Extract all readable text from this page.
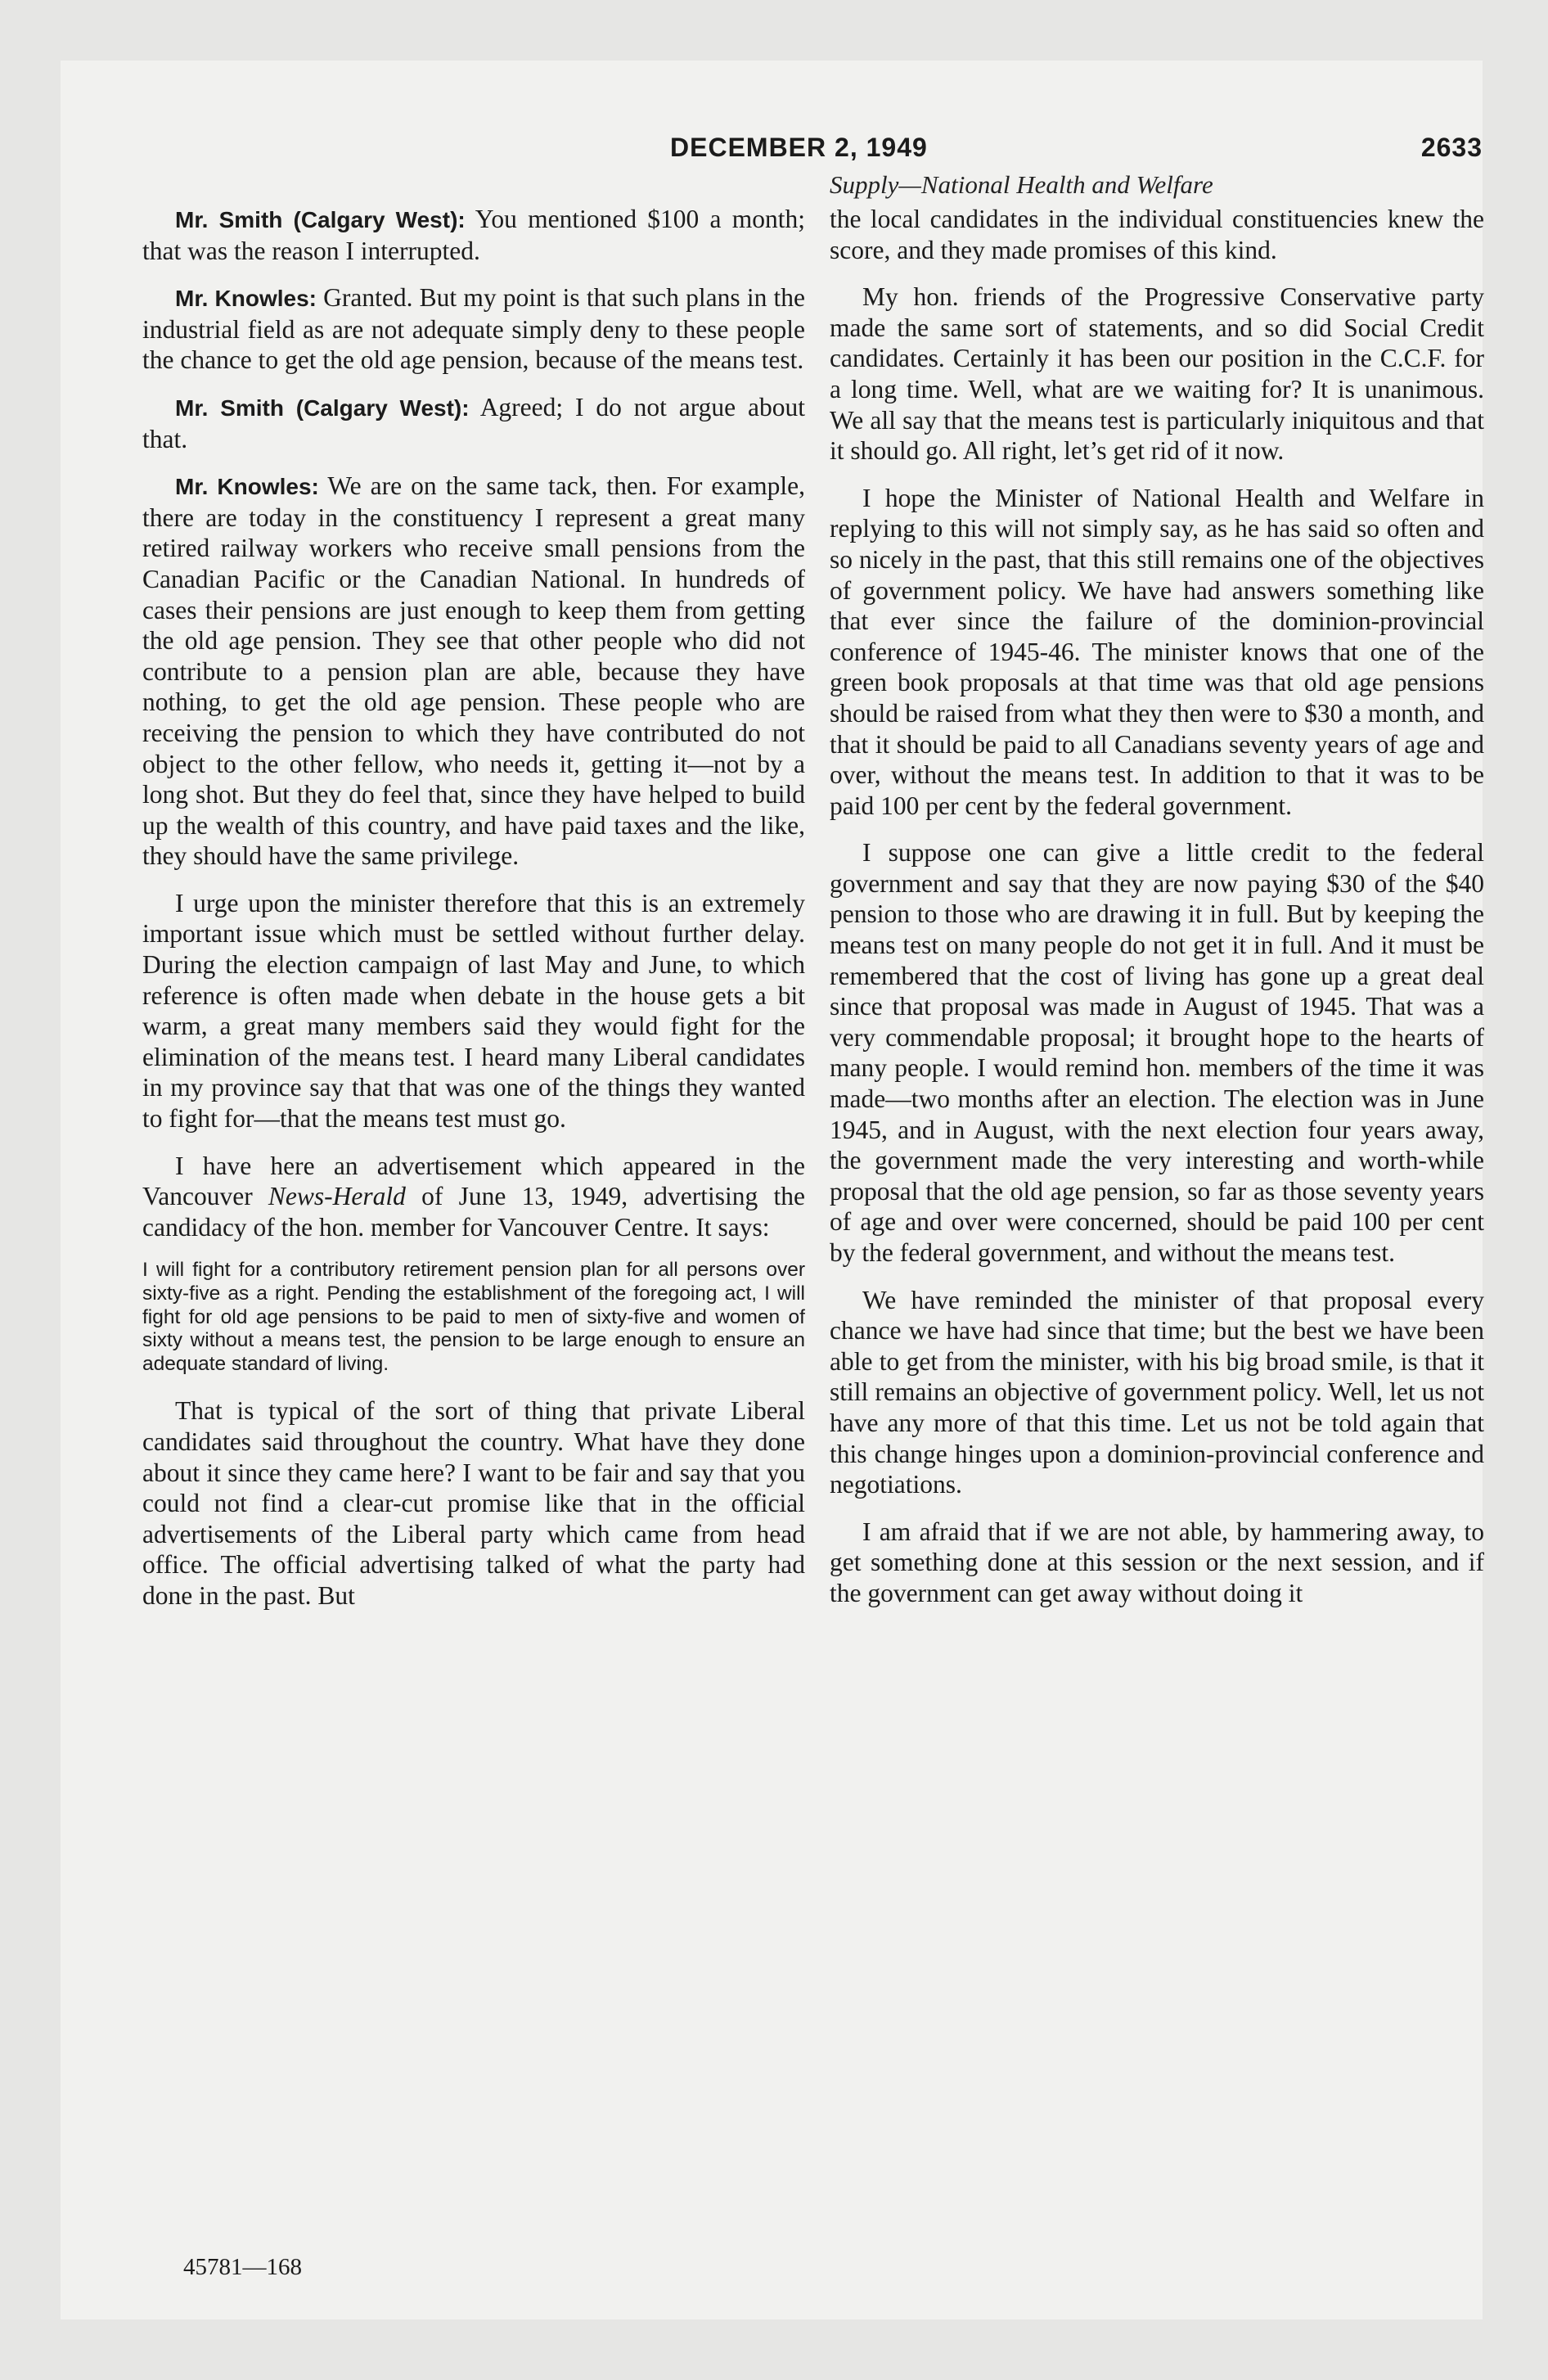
DECEMBER 2, 1949	2633
Supply—National Health and Welfare

Mr. Smith (Calgary West): You mentioned $100 a month; that was the reason I interrupted.

Mr. Knowles: Granted. But my point is that such plans in the industrial field as are not adequate simply deny to these people the chance to get the old age pension, because of the means test.

Mr. Smith (Calgary West): Agreed; I do not argue about that.

Mr. Knowles: We are on the same tack, then. For example, there are today in the constituency I represent a great many retired railway workers who receive small pensions from the Canadian Pacific or the Canadian National. In hundreds of cases their pensions are just enough to keep them from getting the old age pension. They see that other people who did not contribute to a pension plan are able, because they have nothing, to get the old age pension. These people who are receiving the pension to which they have contributed do not object to the other fellow, who needs it, getting it—not by a long shot. But they do feel that, since they have helped to build up the wealth of this country, and have paid taxes and the like, they should have the same privilege.

I urge upon the minister therefore that this is an extremely important issue which must be settled without further delay. During the election campaign of last May and June, to which reference is often made when debate in the house gets a bit warm, a great many members said they would fight for the elimination of the means test. I heard many Liberal candidates in my province say that that was one of the things they wanted to fight for—that the means test must go.

I have here an advertisement which appeared in the Vancouver News-Herald of June 13, 1949, advertising the candidacy of the hon. member for Vancouver Centre. It says:

I will fight for a contributory retirement pension plan for all persons over sixty-five as a right. Pending the establishment of the foregoing act, I will fight for old age pensions to be paid to men of sixty-five and women of sixty without a means test, the pension to be large enough to ensure an adequate standard of living.

That is typical of the sort of thing that private Liberal candidates said throughout the country. What have they done about it since they came here? I want to be fair and say that you could not find a clear-cut promise like that in the official advertisements of the Liberal party which came from head office. The official advertising talked of what the party had done in the past. But

the local candidates in the individual constituencies knew the score, and they made promises of this kind.

My hon. friends of the Progressive Conservative party made the same sort of statements, and so did Social Credit candidates. Certainly it has been our position in the C.C.F. for a long time. Well, what are we waiting for? It is unanimous. We all say that the means test is particularly iniquitous and that it should go. All right, let’s get rid of it now.

I hope the Minister of National Health and Welfare in replying to this will not simply say, as he has said so often and so nicely in the past, that this still remains one of the objectives of government policy. We have had answers something like that ever since the failure of the dominion-provincial conference of 1945-46. The minister knows that one of the green book proposals at that time was that old age pensions should be raised from what they then were to $30 a month, and that it should be paid to all Canadians seventy years of age and over, without the means test. In addition to that it was to be paid 100 per cent by the federal government.

I suppose one can give a little credit to the federal government and say that they are now paying $30 of the $40 pension to those who are drawing it in full. But by keeping the means test on many people do not get it in full. And it must be remembered that the cost of living has gone up a great deal since that proposal was made in August of 1945. That was a very commendable proposal; it brought hope to the hearts of many people. I would remind hon. members of the time it was made—two months after an election. The election was in June 1945, and in August, with the next election four years away, the government made the very interesting and worth-while proposal that the old age pension, so far as those seventy years of age and over were concerned, should be paid 100 per cent by the federal government, and without the means test.

We have reminded the minister of that proposal every chance we have had since that time; but the best we have been able to get from the minister, with his big broad smile, is that it still remains an objective of government policy. Well, let us not have any more of that this time. Let us not be told again that this change hinges upon a dominion-provincial conference and negotiations.

I am afraid that if we are not able, by hammering away, to get something done at this session or the next session, and if the government can get away without doing it

45781—168
